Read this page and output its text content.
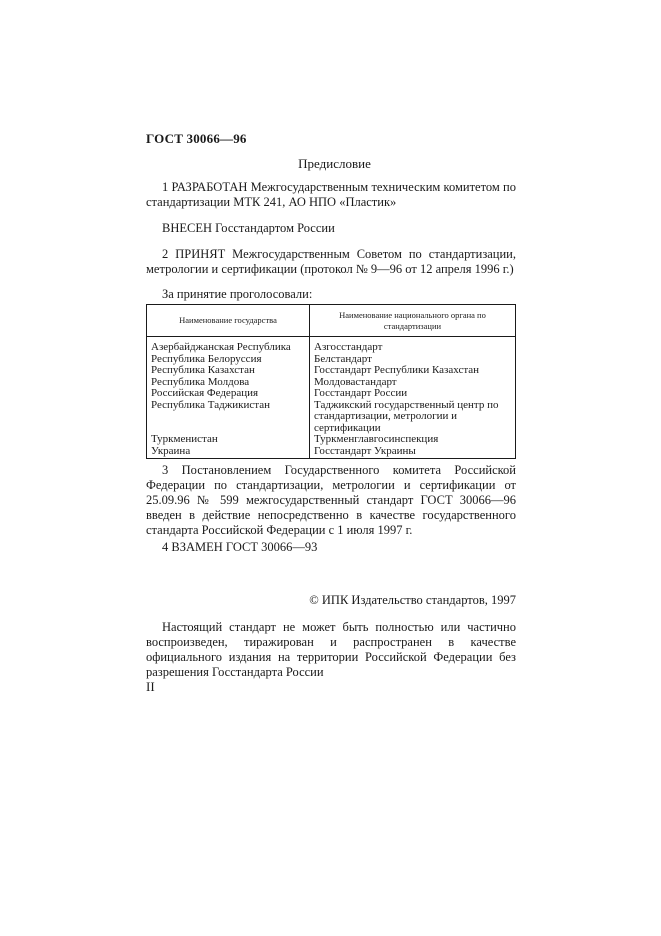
ГОСТ 30066—96
Предисловие
1 РАЗРАБОТАН Межгосударственным техническим комитетом по стандартизации МТК 241, АО НПО «Пластик»
ВНЕСЕН Госстандартом России
2 ПРИНЯТ Межгосударственным Советом по стандартизации, метрологии и сертификации (протокол № 9—96 от 12 апреля 1996 г.)
За принятие проголосовали:
Наименование государства	Наименование национального органа по стандартизации
Азербайджанская Республика	Азгосстандарт
Республика Белоруссия	Белстандарт
Республика Казахстан	Госстандарт Республики Казахстан
Республика Молдова	Молдовастандарт
Российская Федерация	Госстандарт России
Республика Таджикистан	Таджикский государственный центр по стандартизации, метрологии и сертификации
Туркменистан	Туркменглавгосинспекция
Украина	Госстандарт Украины
3 Постановлением Государственного комитета Российской Федерации по стандартизации, метрологии и сертификации от 25.09.96 № 599 межгосударственный стандарт ГОСТ 30066—96 введен в действие непосредственно в качестве государственного стандарта Российской Федерации с 1 июля 1997 г.
4 ВЗАМЕН ГОСТ 30066—93
© ИПК Издательство стандартов, 1997
Настоящий стандарт не может быть полностью или частично воспроизведен, тиражирован и распространен в качестве официального издания на территории Российской Федерации без разрешения Госстандарта России
II
